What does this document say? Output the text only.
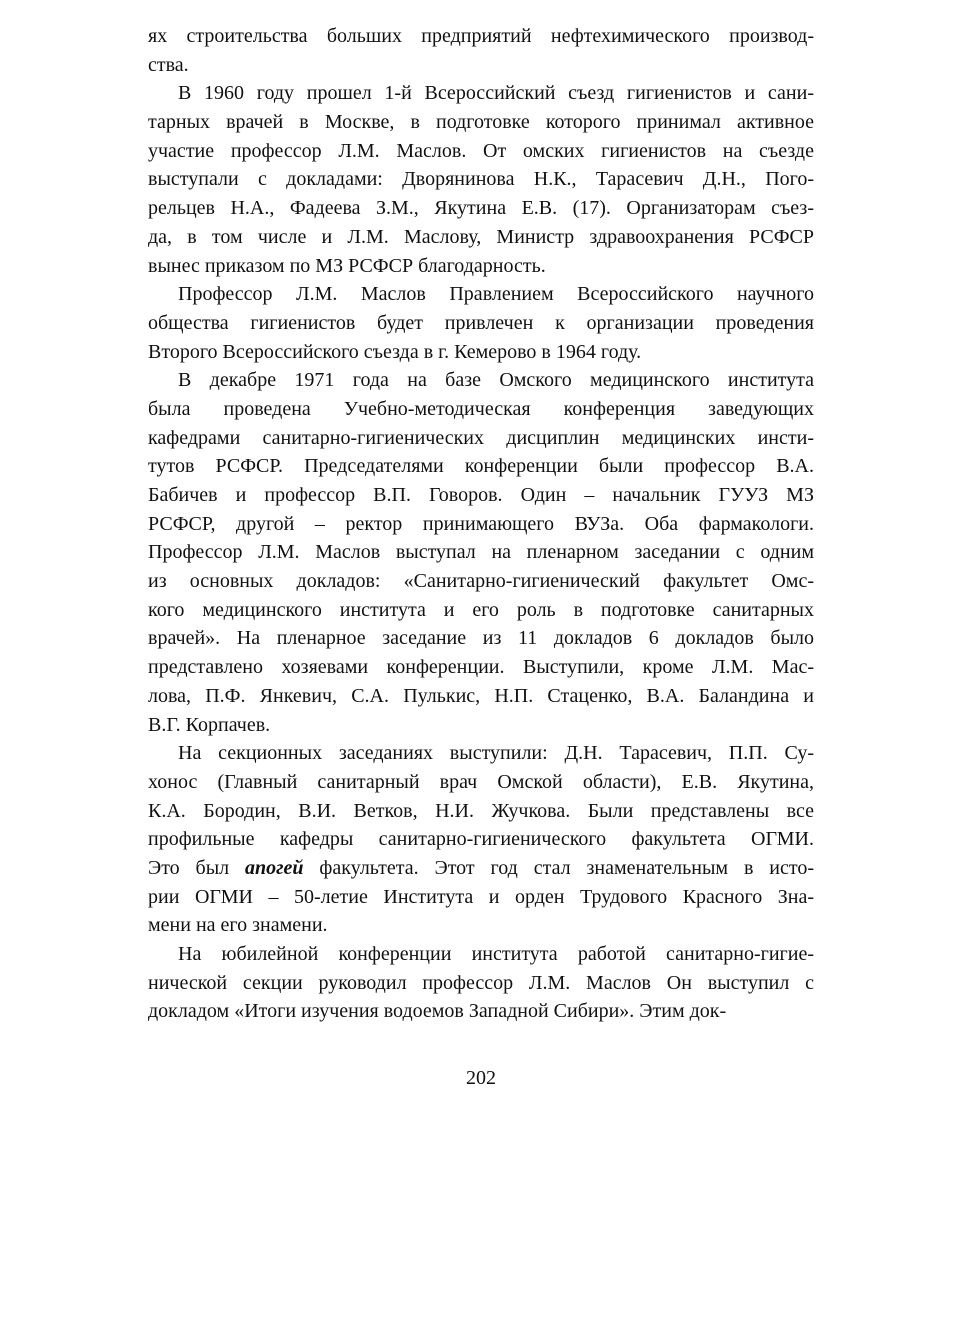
ях строительства больших предприятий нефтехимического производ-
ства.
В 1960 году прошел 1-й Всероссийский съезд гигиенистов и сани-
тарных врачей в Москве, в подготовке которого принимал активное
участие профессор Л.М. Маслов. От омских гигиенистов на съезде
выступали с докладами: Дворянинова Н.К., Тарасевич Д.Н., Пого-
рельцев Н.А., Фадеева З.М., Якутина Е.В. (17). Организаторам съез-
да, в том числе и Л.М. Маслову, Министр здравоохранения РСФСР
вынес приказом по МЗ РСФСР благодарность.
Профессор Л.М. Маслов Правлением Всероссийского научного
общества гигиенистов будет привлечен к организации проведения
Второго Всероссийского съезда в г. Кемерово в 1964 году.
В декабре 1971 года на базе Омского медицинского института
была проведена Учебно-методическая конференция заведующих
кафедрами санитарно-гигиенических дисциплин медицинских инсти-
тутов РСФСР. Председателями конференции были профессор В.А.
Бабичев и профессор В.П. Говоров. Один – начальник ГУУЗ МЗ
РСФСР, другой – ректор принимающего ВУЗа. Оба фармакологи.
Профессор Л.М. Маслов выступал на пленарном заседании с одним
из основных докладов: «Санитарно-гигиенический факультет Омс-
кого медицинского института и его роль в подготовке санитарных
врачей». На пленарное заседание из 11 докладов 6 докладов было
представлено хозяевами конференции. Выступили, кроме Л.М. Мас-
лова, П.Ф. Янкевич, С.А. Пулькис, Н.П. Стаценко, В.А. Баландина и
В.Г. Корпачев.
На секционных заседаниях выступили: Д.Н. Тарасевич, П.П. Су-
хонос (Главный санитарный врач Омской области), Е.В. Якутина,
К.А. Бородин, В.И. Ветков, Н.И. Жучкова. Были представлены все
профильные кафедры санитарно-гигиенического факультета ОГМИ.
Это был апогей факультета. Этот год стал знаменательным в исто-
рии ОГМИ – 50-летие Института и орден Трудового Красного Зна-
мени на его знамени.
На юбилейной конференции института работой санитарно-гигие-
нической секции руководил профессор Л.М. Маслов Он выступил с
докладом «Итоги изучения водоемов Западной Сибири». Этим док-
202
